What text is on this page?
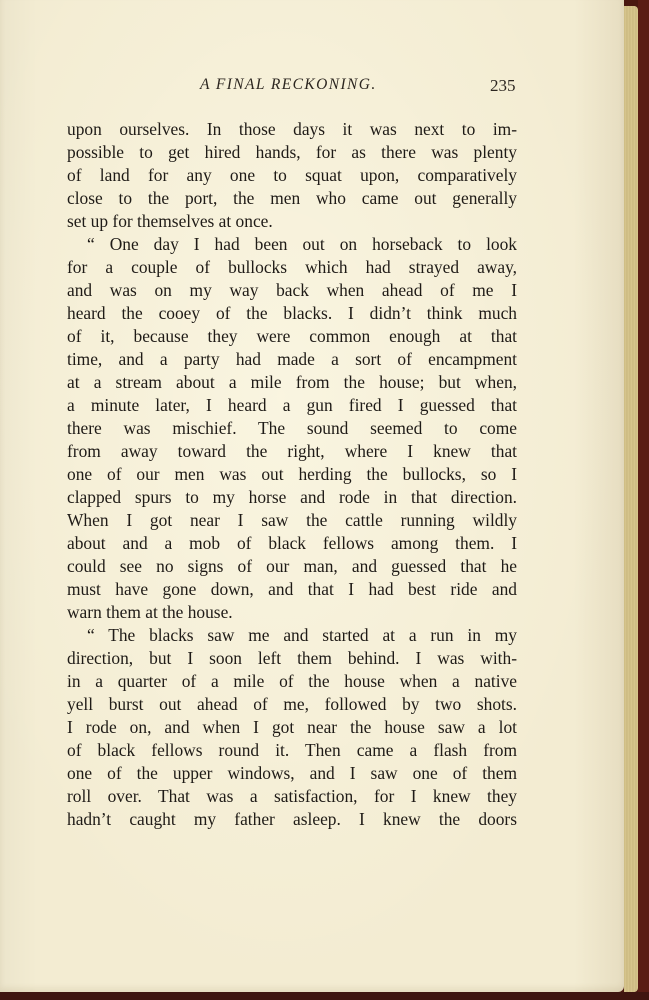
A FINAL RECKONING.	235
upon ourselves. In those days it was next to im-
possible to get hired hands, for as there was plenty
of land for any one to squat upon, comparatively
close to the port, the men who came out generally
set up for themselves at once.
“ One day I had been out on horseback to look
for a couple of bullocks which had strayed away,
and was on my way back when ahead of me I
heard the cooey of the blacks. I didn’t think much
of it, because they were common enough at that
time, and a party had made a sort of encampment
at a stream about a mile from the house; but when,
a minute later, I heard a gun fired I guessed that
there was mischief. The sound seemed to come
from away toward the right, where I knew that
one of our men was out herding the bullocks, so I
clapped spurs to my horse and rode in that direction.
When I got near I saw the cattle running wildly
about and a mob of black fellows among them. I
could see no signs of our man, and guessed that he
must have gone down, and that I had best ride and
warn them at the house.
“ The blacks saw me and started at a run in my
direction, but I soon left them behind. I was with-
in a quarter of a mile of the house when a native
yell burst out ahead of me, followed by two shots.
I rode on, and when I got near the house saw a lot
of black fellows round it. Then came a flash from
one of the upper windows, and I saw one of them
roll over. That was a satisfaction, for I knew they
hadn’t caught my father asleep. I knew the doors
